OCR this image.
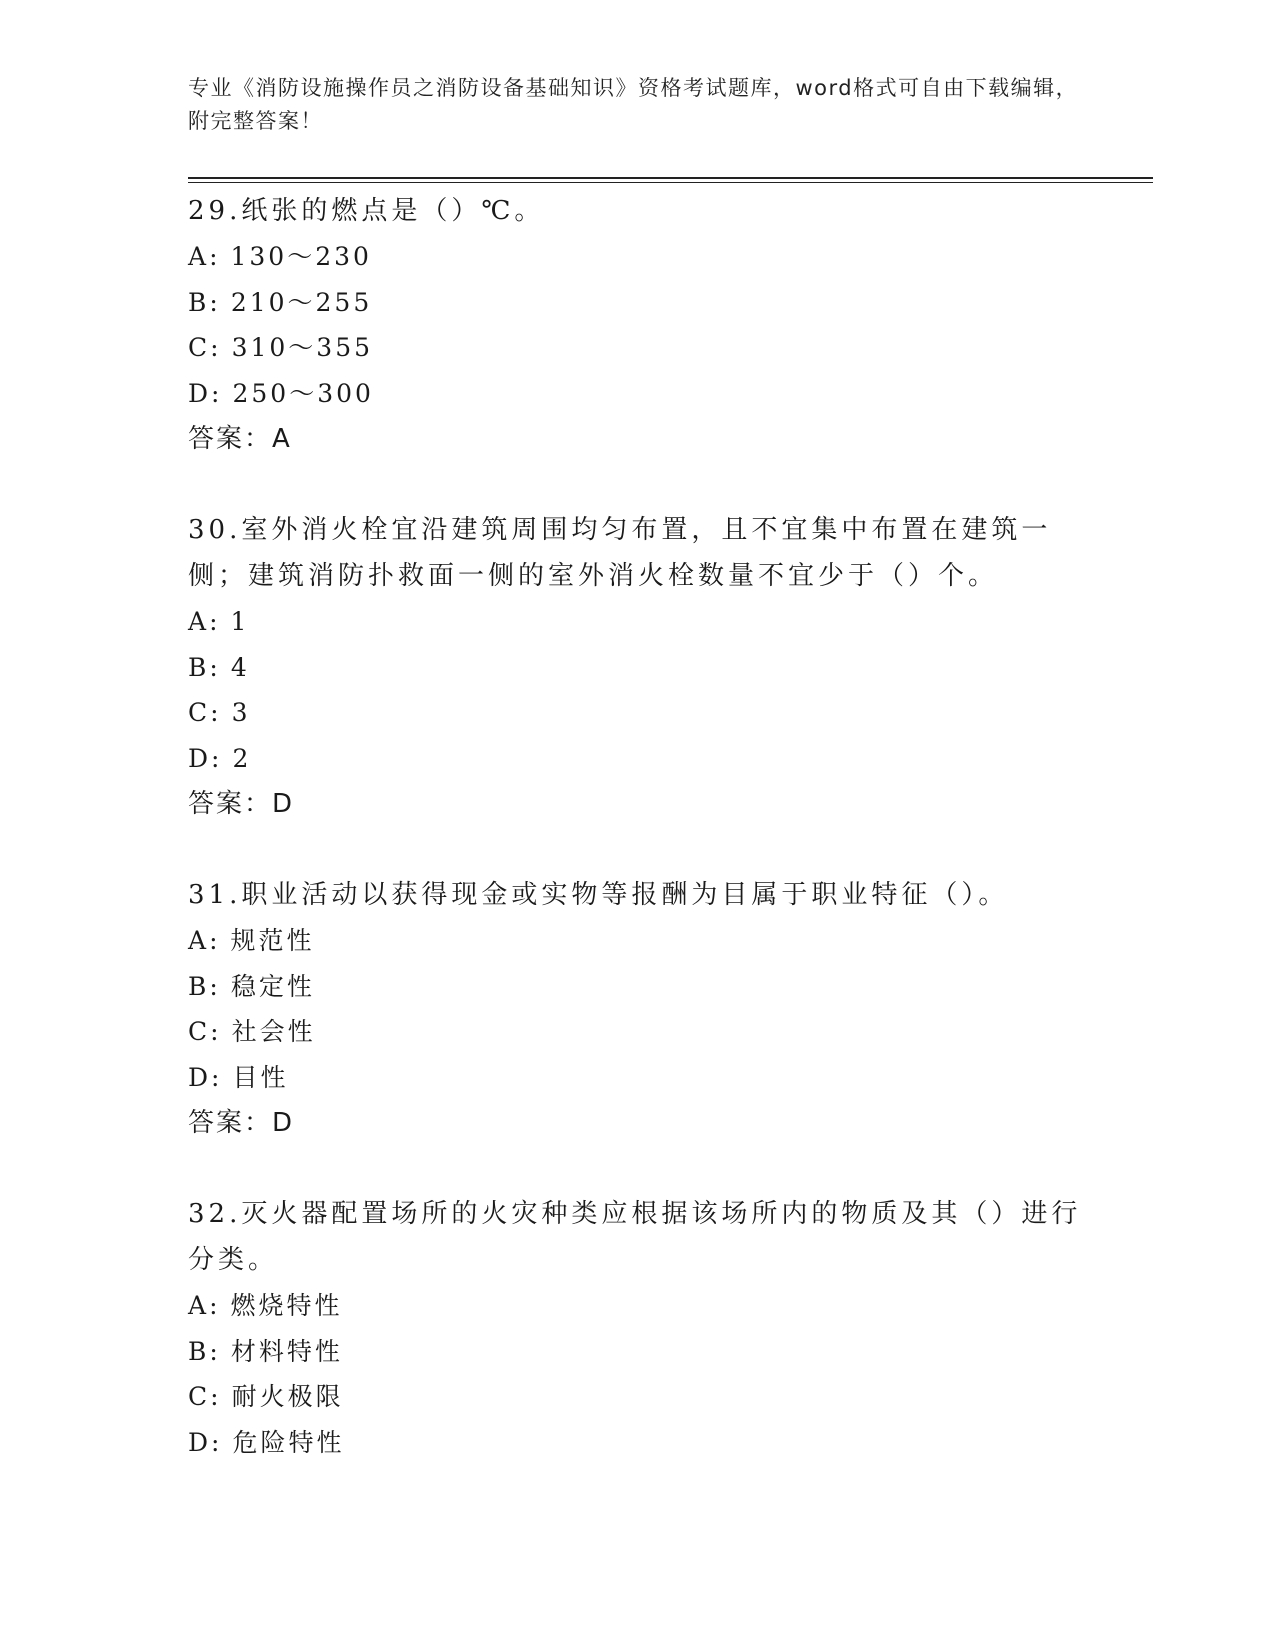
专业《消防设施操作员之消防设备基础知识》资格考试题库，word格式可自由下载编辑，附完整答案！

29.纸张的燃点是（）℃。

A: 130～230
B: 210～255
C: 310～355
D: 250～300
答案：A

30.室外消火栓宜沿建筑周围均匀布置，且不宜集中布置在建筑一侧；建筑消防扑救面一侧的室外消火栓数量不宜少于（）个。

A: 1
B: 4
C: 3
D: 2
答案：D

31.职业活动以获得现金或实物等报酬为目属于职业特征（）。

A: 规范性
B: 稳定性
C: 社会性
D: 目性
答案：D

32.灭火器配置场所的火灾种类应根据该场所内的物质及其（）进行分类。

A: 燃烧特性
B: 材料特性
C: 耐火极限
D: 危险特性
